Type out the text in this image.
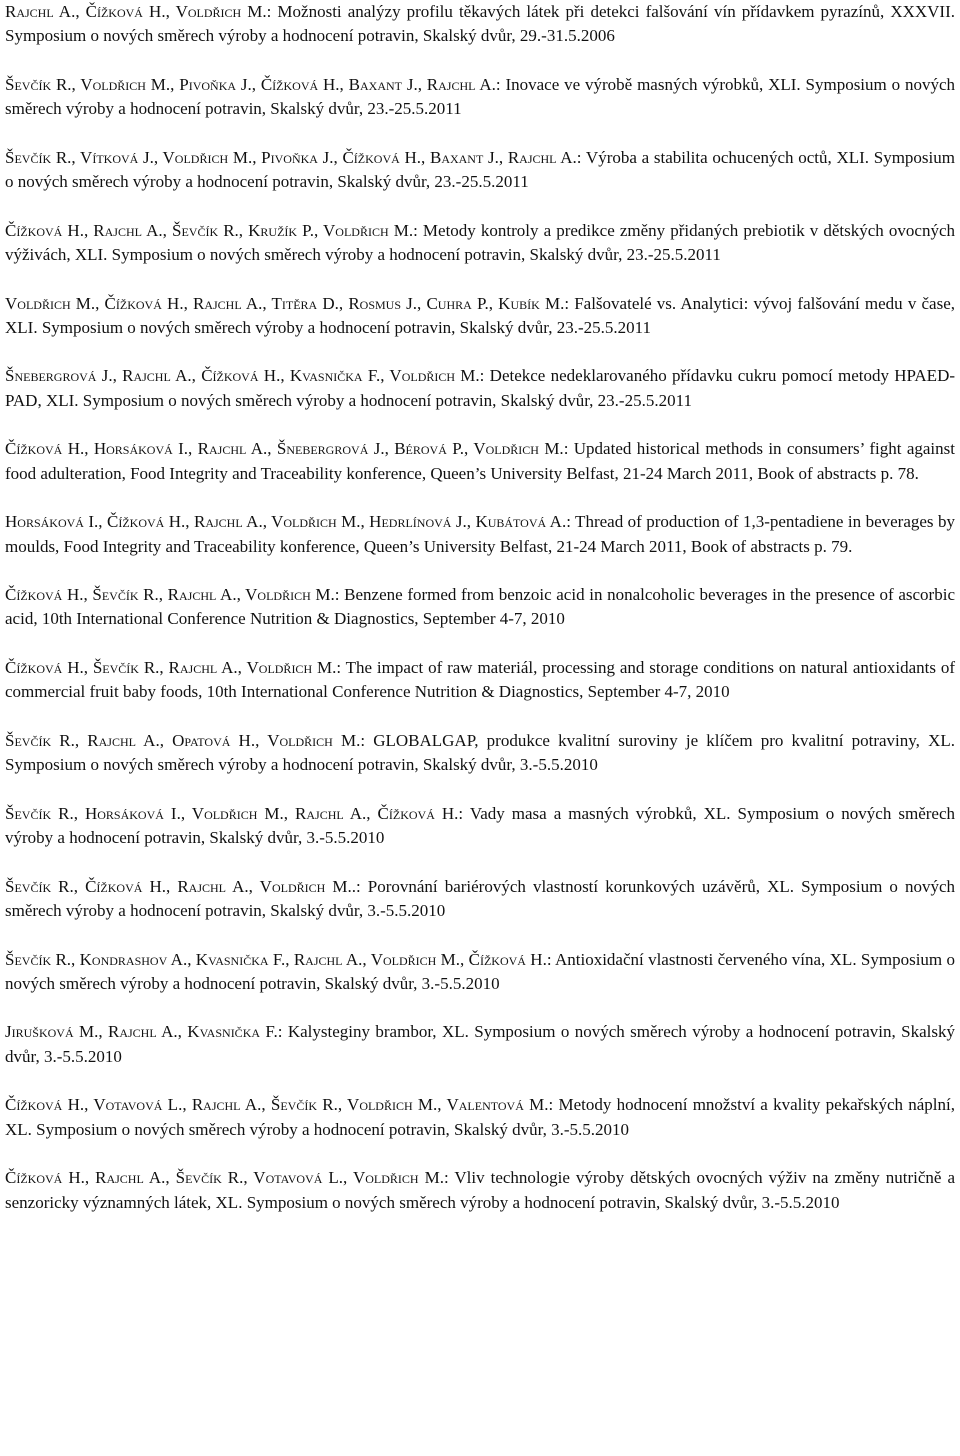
Rajchl A., Čížková H., Voldřich M.: Možnosti analýzy profilu těkavých látek při detekci falšování vín přídavkem pyrazínů, XXXVII. Symposium o nových směrech výroby a hodnocení potravin, Skalský dvůr, 29.-31.5.2006

Ševčík R., Voldřich M., Pivoňka J., Čížková H., Baxant J., Rajchl A.: Inovace ve výrobě masných výrobků, XLI. Symposium o nových směrech výroby a hodnocení potravin, Skalský dvůr, 23.-25.5.2011

Ševčík R., Vítková J., Voldřich M., Pivoňka J., Čížková H., Baxant J., Rajchl A.: Výroba a stabilita ochucených octů, XLI. Symposium o nových směrech výroby a hodnocení potravin, Skalský dvůr, 23.-25.5.2011

Čížková H., Rajchl A., Ševčík R., Kružík P., Voldřich M.: Metody kontroly a predikce změny přidaných prebiotik v dětských ovocných výživách, XLI. Symposium o nových směrech výroby a hodnocení potravin, Skalský dvůr, 23.-25.5.2011

Voldřich M., Čížková H., Rajchl A., Titěra D., Rosmus J., Cuhra P., Kubík M.: Falšovatelé vs. Analytici: vývoj falšování medu v čase, XLI. Symposium o nových směrech výroby a hodnocení potravin, Skalský dvůr, 23.-25.5.2011

Šnebergrová J., Rajchl A., Čížková H., Kvasnička F., Voldřich M.: Detekce nedeklarovaného přídavku cukru pomocí metody HPAED-PAD, XLI. Symposium o nových směrech výroby a hodnocení potravin, Skalský dvůr, 23.-25.5.2011

Čížková H., Horsáková I., Rajchl A., Šnebergrová J., Bérová P., Voldřich M.: Updated historical methods in consumers’ fight against food adulteration, Food Integrity and Traceability konference, Queen’s University Belfast, 21-24 March 2011, Book of abstracts p. 78.

Horsáková I., Čížková H., Rajchl A., Voldřich M., Hedrlínová J., Kubátová A.: Thread of production of 1,3-pentadiene in beverages by moulds, Food Integrity and Traceability konference, Queen’s University Belfast, 21-24 March 2011, Book of abstracts p. 79.

Čížková H., Ševčík R., Rajchl A., Voldřich M.: Benzene formed from benzoic acid in nonalcoholic beverages in the presence of ascorbic acid, 10th International Conference Nutrition & Diagnostics, September 4-7, 2010

Čížková H., Ševčík R., Rajchl A., Voldřich M.: The impact of raw materiál, processing and storage conditions on natural antioxidants of commercial fruit baby foods, 10th International Conference Nutrition & Diagnostics, September 4-7, 2010

Ševčík R., Rajchl A., Opatová H., Voldřich M.: GLOBALGAP, produkce kvalitní suroviny je klíčem pro kvalitní potraviny, XL. Symposium o nových směrech výroby a hodnocení potravin, Skalský dvůr, 3.-5.5.2010

Ševčík R., Horsáková I., Voldřich M., Rajchl A., Čížková H.: Vady masa a masných výrobků, XL. Symposium o nových směrech výroby a hodnocení potravin, Skalský dvůr, 3.-5.5.2010

Ševčík R., Čížková H., Rajchl A., Voldřich M..: Porovnání bariérových vlastností korunkových uzávěrů, XL. Symposium o nových směrech výroby a hodnocení potravin, Skalský dvůr, 3.-5.5.2010

Ševčík R., Kondrashov A., Kvasnička F., Rajchl A., Voldřich M., Čížková H.: Antioxidační vlastnosti červeného vína, XL. Symposium o nových směrech výroby a hodnocení potravin, Skalský dvůr, 3.-5.5.2010

Jirušková M., Rajchl A., Kvasnička F.: Kalysteginy brambor, XL. Symposium o nových směrech výroby a hodnocení potravin, Skalský dvůr, 3.-5.5.2010

Čížková H., Votavová L., Rajchl A., Ševčík R., Voldřich M., Valentová M.: Metody hodnocení množství a kvality pekařských náplní, XL. Symposium o nových směrech výroby a hodnocení potravin, Skalský dvůr, 3.-5.5.2010

Čížková H., Rajchl A., Ševčík R., Votavová L., Voldřich M.: Vliv technologie výroby dětských ovocných výživ na změny nutričně a senzoricky významných látek, XL. Symposium o nových směrech výroby a hodnocení potravin, Skalský dvůr, 3.-5.5.2010
